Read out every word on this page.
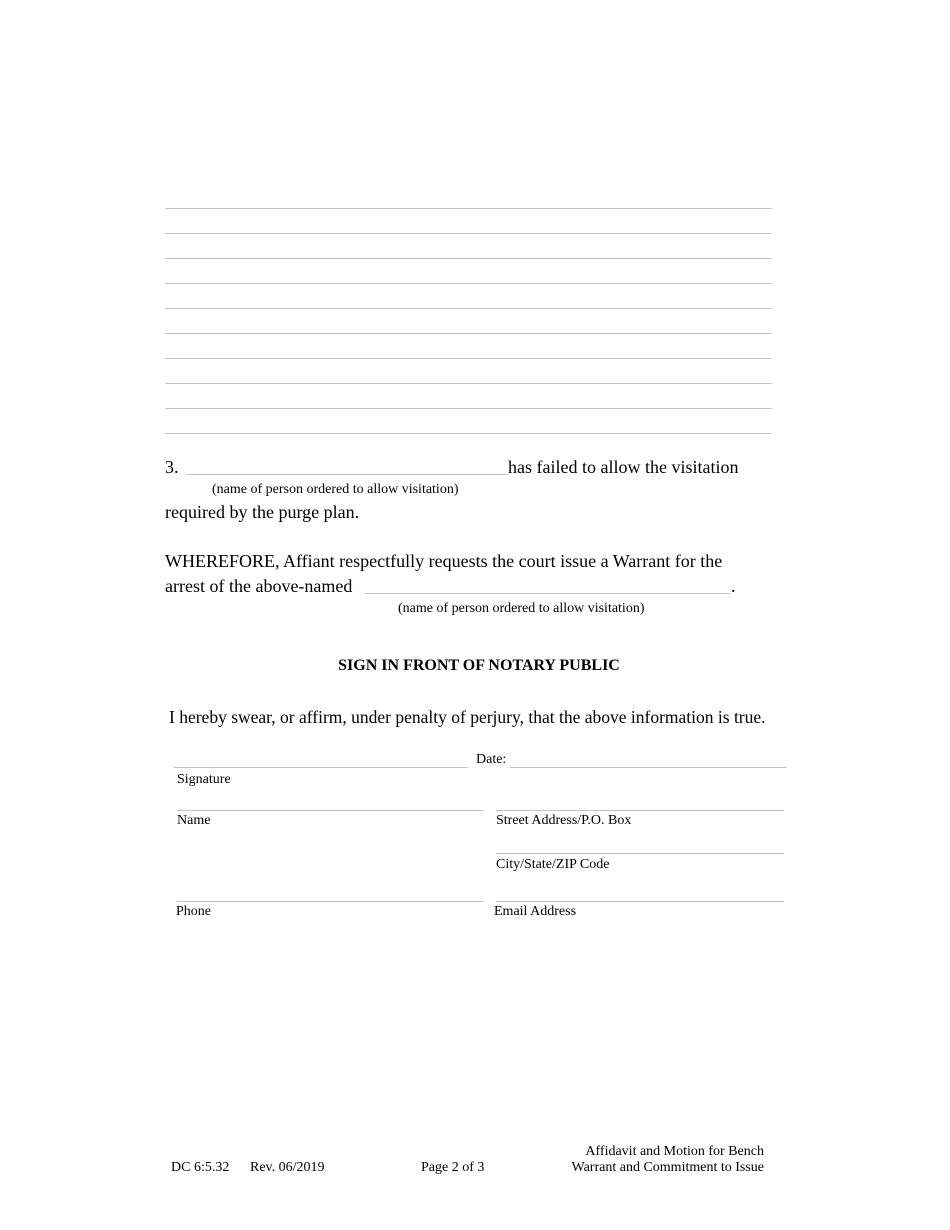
3.	has failed to allow the visitation
(name of person ordered to allow visitation)
required by the purge plan.
WHEREFORE, Affiant respectfully requests the court issue a Warrant for the
arrest of the above-named	.
(name of person ordered to allow visitation)
SIGN IN FRONT OF NOTARY PUBLIC
I hereby swear, or affirm, under penalty of perjury, that the above information is true.
Date:
Signature
Name	Street Address/P.O. Box
City/State/ZIP Code
Phone	Email Address
DC 6:5.32 Rev. 06/2019	Page 2 of 3
Affidavit and Motion for Bench
Warrant and Commitment to Issue
